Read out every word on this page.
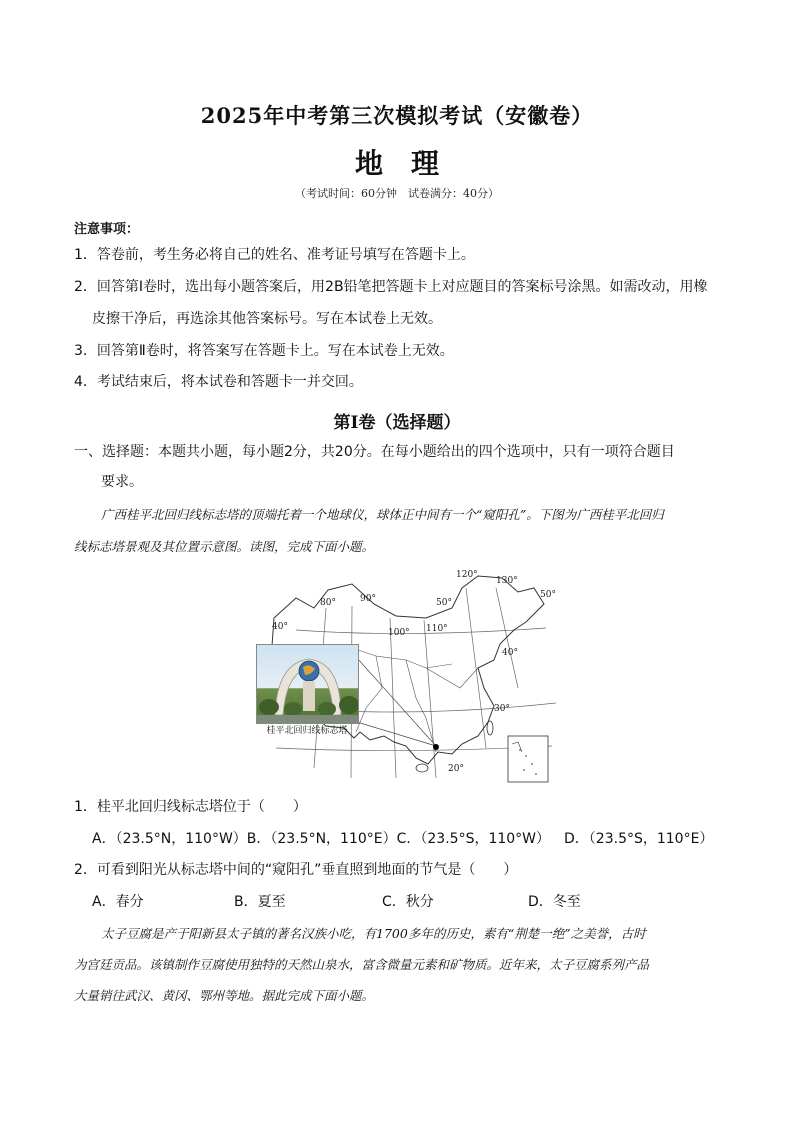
2025年中考第三次模拟考试（安徽卷）
地理
（考试时间：60分钟　试卷满分：40分）
注意事项：
1．答卷前，考生务必将自己的姓名、准考证号填写在答题卡上。
2．回答第Ⅰ卷时，选出每小题答案后，用2B铅笔把答题卡上对应题目的答案标号涂黑。如需改动，用橡
皮擦干净后，再选涂其他答案标号。写在本试卷上无效。
3．回答第Ⅱ卷时，将答案写在答题卡上。写在本试卷上无效。
4．考试结束后，将本试卷和答题卡一并交回。
第Ⅰ卷（选择题）
一、选择题：本题共小题，每小题2分，共20分。在每小题给出的四个选项中，只有一项符合题目
要求。
广西桂平北回归线标志塔的顶端托着一个地球仪，球体正中间有一个“窥阳孔”。下图为广西桂平北回归
线标志塔景观及其位置示意图。读图，完成下面小题。
桂平北回归线标志塔
120°
130°
50°
50°
80°	90°
40°
100° 110°
40°
30°
20°
1．桂平北回归线标志塔位于（　　）
A．（23.5°N，110°W）B．（23.5°N，110°E）C．（23.5°S，110°W）　 D．（23.5°S，110°E）
2．可看到阳光从标志塔中间的“窥阳孔”垂直照到地面的节气是（　　）
A．春分	B．夏至	C．秋分	D．冬至
太子豆腐是产于阳新县太子镇的著名汉族小吃，有1700多年的历史，素有“荆楚一绝”之美誉，古时
为宫廷贡品。该镇制作豆腐使用独特的天然山泉水，富含微量元素和矿物质。近年来，太子豆腐系列产品
大量销往武汉、黄冈、鄂州等地。据此完成下面小题。
